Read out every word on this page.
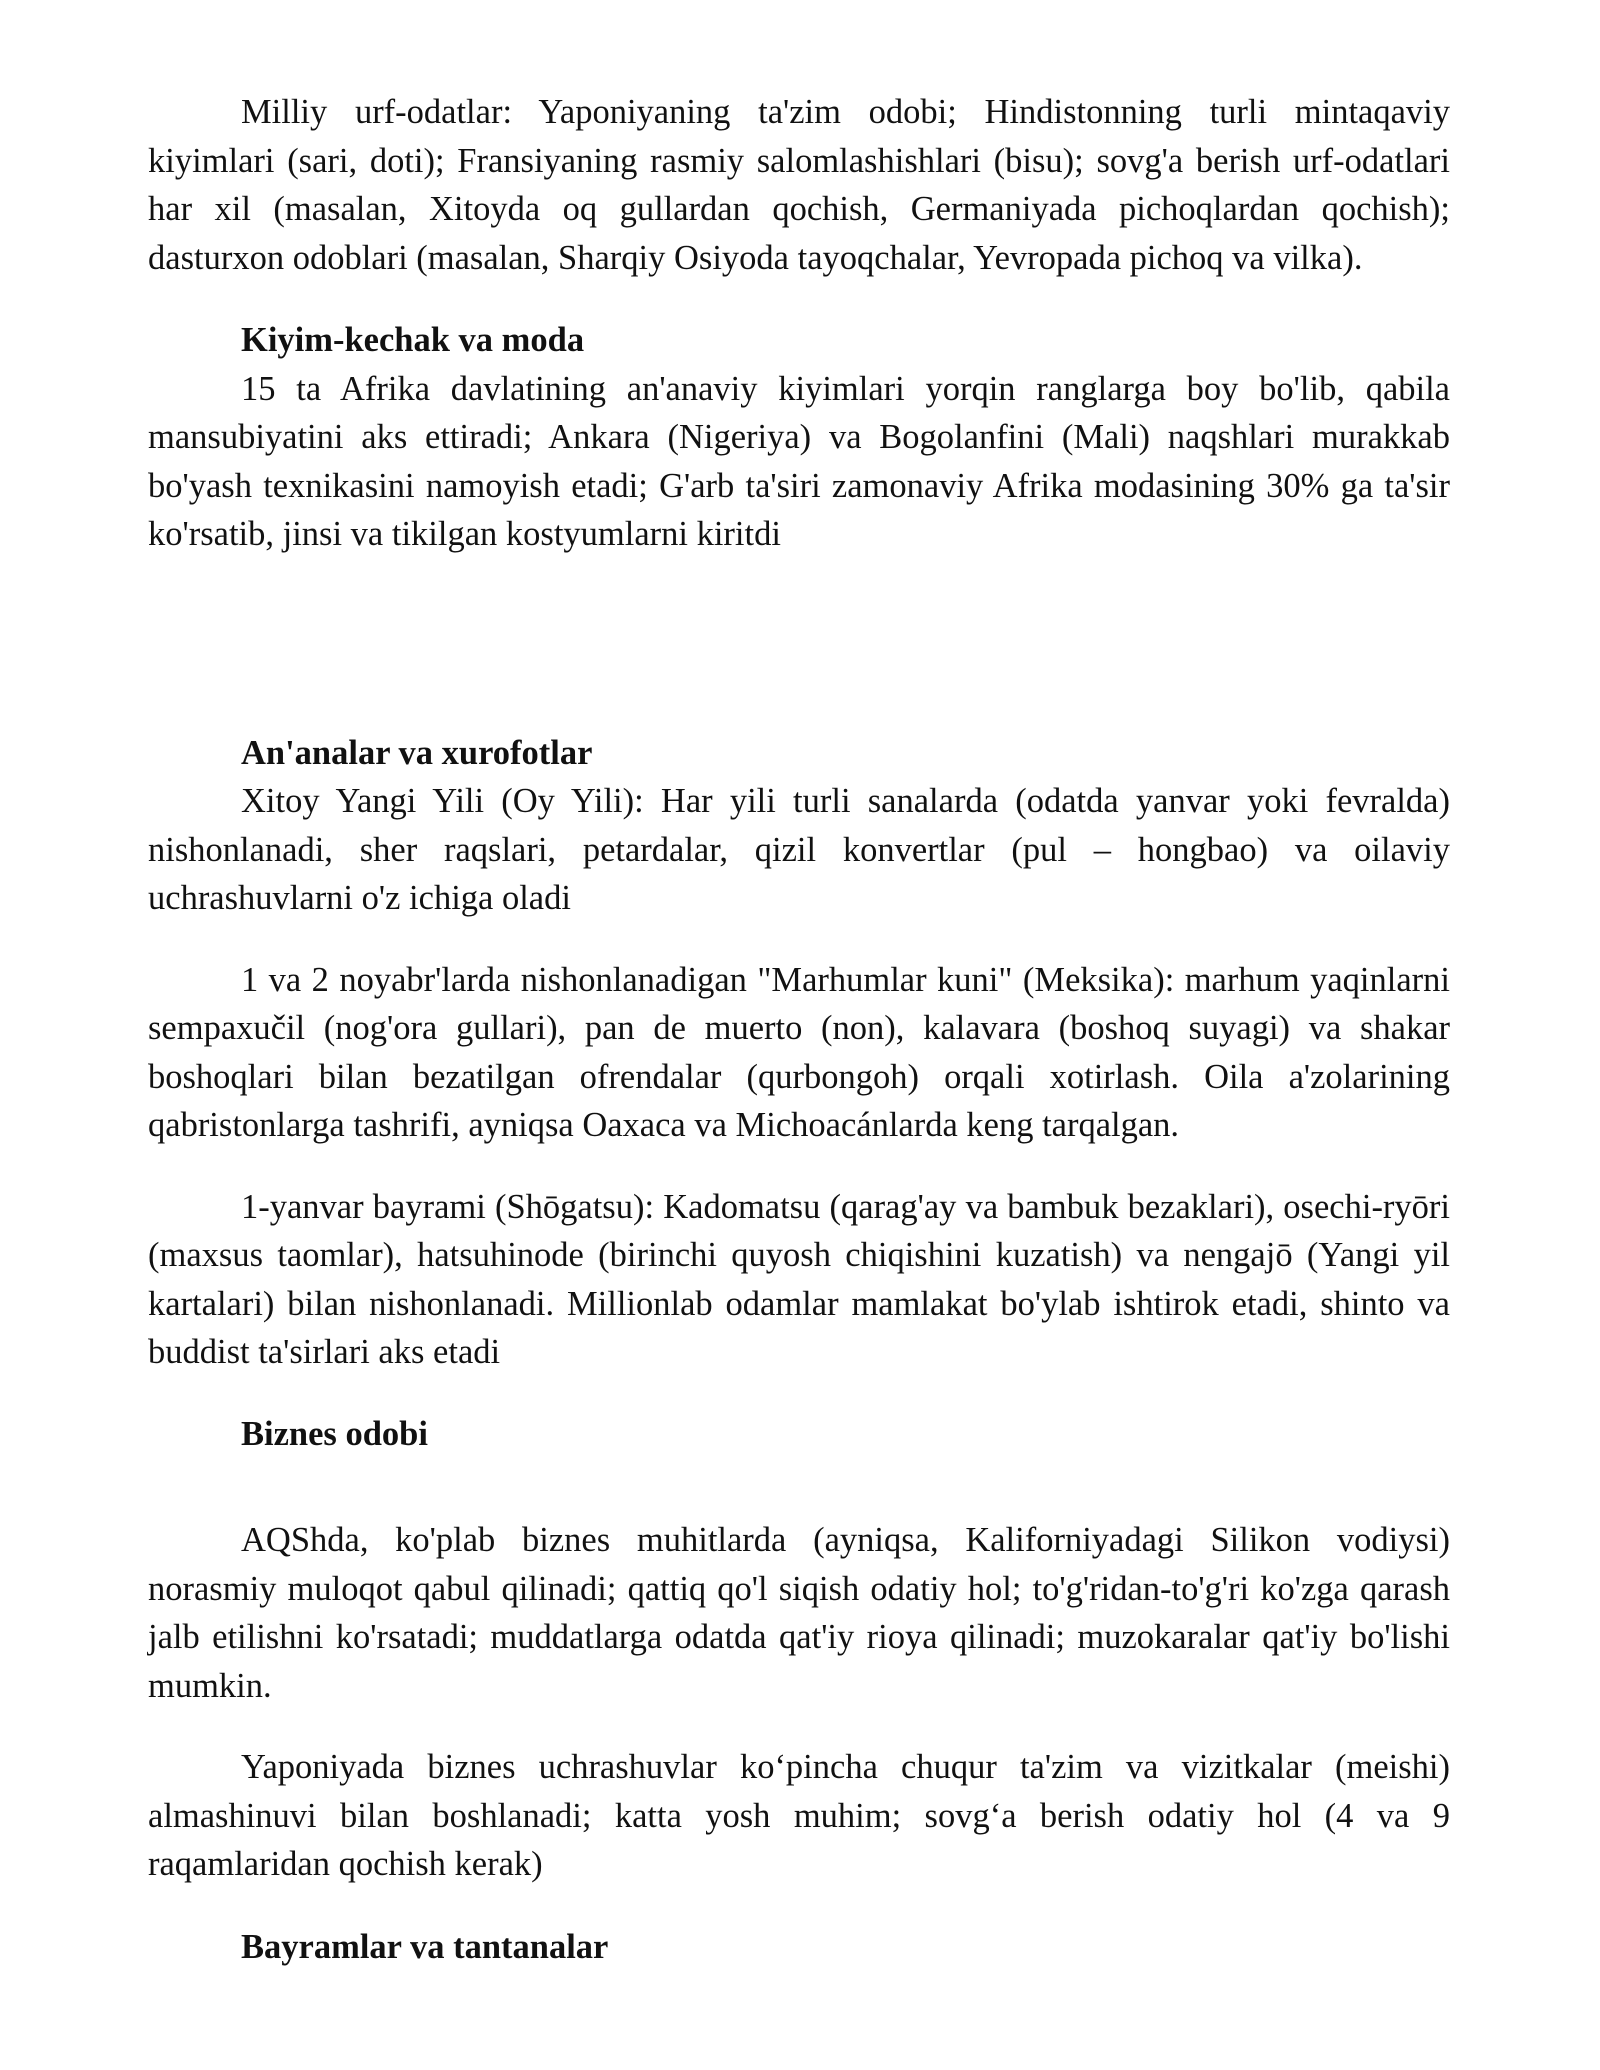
Milliy urf-odatlar: Yaponiyaning ta'zim odobi; Hindistonning turli mintaqaviy kiyimlari (sari, doti); Fransiyaning rasmiy salomlashishlari (bisu); sovg'a berish urf-odatlari har xil (masalan, Xitoyda oq gullardan qochish, Germaniyada pichoqlardan qochish); dasturxon odoblari (masalan, Sharqiy Osiyoda tayoqchalar, Yevropada pichoq va vilka).

Kiyim-kechak va moda

15 ta Afrika davlatining an'anaviy kiyimlari yorqin ranglarga boy bo'lib, qabila mansubiyatini aks ettiradi; Ankara (Nigeriya) va Bogolanfini (Mali) naqshlari murakkab bo'yash texnikasini namoyish etadi; G'arb ta'siri zamonaviy Afrika modasining 30% ga ta'sir ko'rsatib, jinsi va tikilgan kostyumlarni kiritdi

An'analar va xurofotlar

Xitoy Yangi Yili (Oy Yili): Har yili turli sanalarda (odatda yanvar yoki fevralda) nishonlanadi, sher raqslari, petardalar, qizil konvertlar (pul – hongbao) va oilaviy uchrashuvlarni o'z ichiga oladi

1 va 2 noyabr'larda nishonlanadigan "Marhumlar kuni" (Meksika): marhum yaqinlarni sempaxučil (nog'ora gullari), pan de muerto (non), kalavara (boshoq suyagi) va shakar boshoqlari bilan bezatilgan ofrendalar (qurbongoh) orqali xotirlash. Oila a'zolarining qabristonlarga tashrifi, ayniqsa Oaxaca va Michoacánlarda keng tarqalgan.

1-yanvar bayrami (Shōgatsu): Kadomatsu (qarag'ay va bambuk bezaklari), osechi-ryōri (maxsus taomlar), hatsuhinode (birinchi quyosh chiqishini kuzatish) va nengajō (Yangi yil kartalari) bilan nishonlanadi. Millionlab odamlar mamlakat bo'ylab ishtirok etadi, shinto va buddist ta'sirlari aks etadi

Biznes odobi

AQShda, ko'plab biznes muhitlarda (ayniqsa, Kaliforniyadagi Silikon vodiysi) norasmiy muloqot qabul qilinadi; qattiq qo'l siqish odatiy hol; to'g'ridan-to'g'ri ko'zga qarash jalb etilishni ko'rsatadi; muddatlarga odatda qat'iy rioya qilinadi; muzokaralar qat'iy bo'lishi mumkin.

Yaponiyada biznes uchrashuvlar ko‘pincha chuqur ta'zim va vizitkalar (meishi) almashinuvi bilan boshlanadi; katta yosh muhim; sovg‘a berish odatiy hol (4 va 9 raqamlaridan qochish kerak)

Bayramlar va tantanalar
